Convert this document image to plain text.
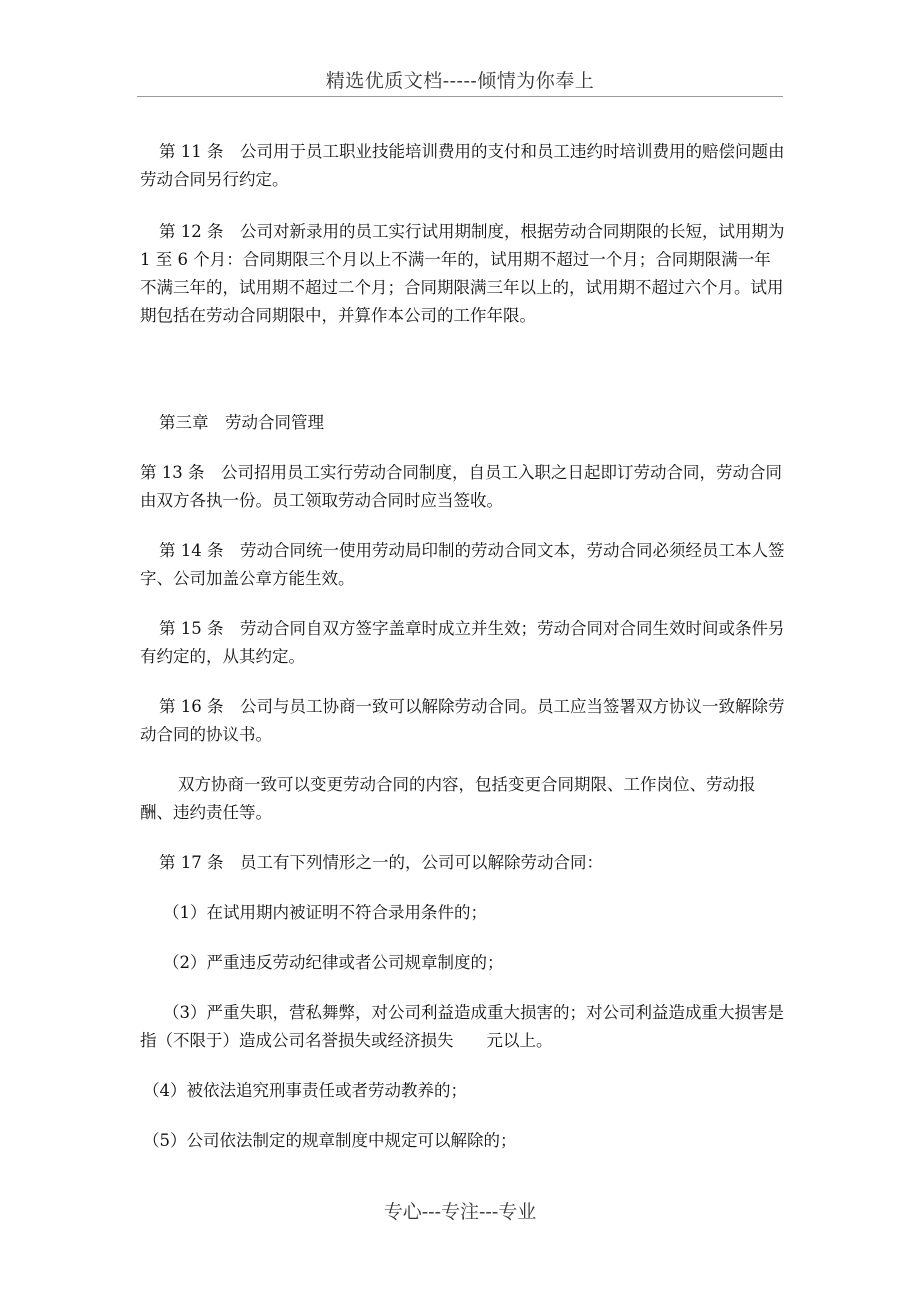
精选优质文档-----倾情为你奉上

第 11 条　公司用于员工职业技能培训费用的支付和员工违约时培训费用的赔偿问题由劳动合同另行约定。

第 12 条　公司对新录用的员工实行试用期制度，根据劳动合同期限的长短，试用期为 1 至 6 个月：合同期限三个月以上不满一年的，试用期不超过一个月；合同期限满一年不满三年的，试用期不超过二个月；合同期限满三年以上的，试用期不超过六个月。试用期包括在劳动合同期限中，并算作本公司的工作年限。

第三章　劳动合同管理

第 13 条　公司招用员工实行劳动合同制度，自员工入职之日起即订劳动合同，劳动合同由双方各执一份。员工领取劳动合同时应当签收。

第 14 条　劳动合同统一使用劳动局印制的劳动合同文本，劳动合同必须经员工本人签字、公司加盖公章方能生效。

第 15 条　劳动合同自双方签字盖章时成立并生效；劳动合同对合同生效时间或条件另有约定的，从其约定。

第 16 条　公司与员工协商一致可以解除劳动合同。员工应当签署双方协议一致解除劳动合同的协议书。

双方协商一致可以变更劳动合同的内容，包括变更合同期限、工作岗位、劳动报酬、违约责任等。

第 17 条　员工有下列情形之一的，公司可以解除劳动合同：

（1）在试用期内被证明不符合录用条件的；

（2）严重违反劳动纪律或者公司规章制度的；

（3）严重失职，营私舞弊，对公司利益造成重大损害的；对公司利益造成重大损害是指（不限于）造成公司名誉损失或经济损失　　元以上。

（4）被依法追究刑事责任或者劳动教养的；

（5）公司依法制定的规章制度中规定可以解除的；

专心---专注---专业
